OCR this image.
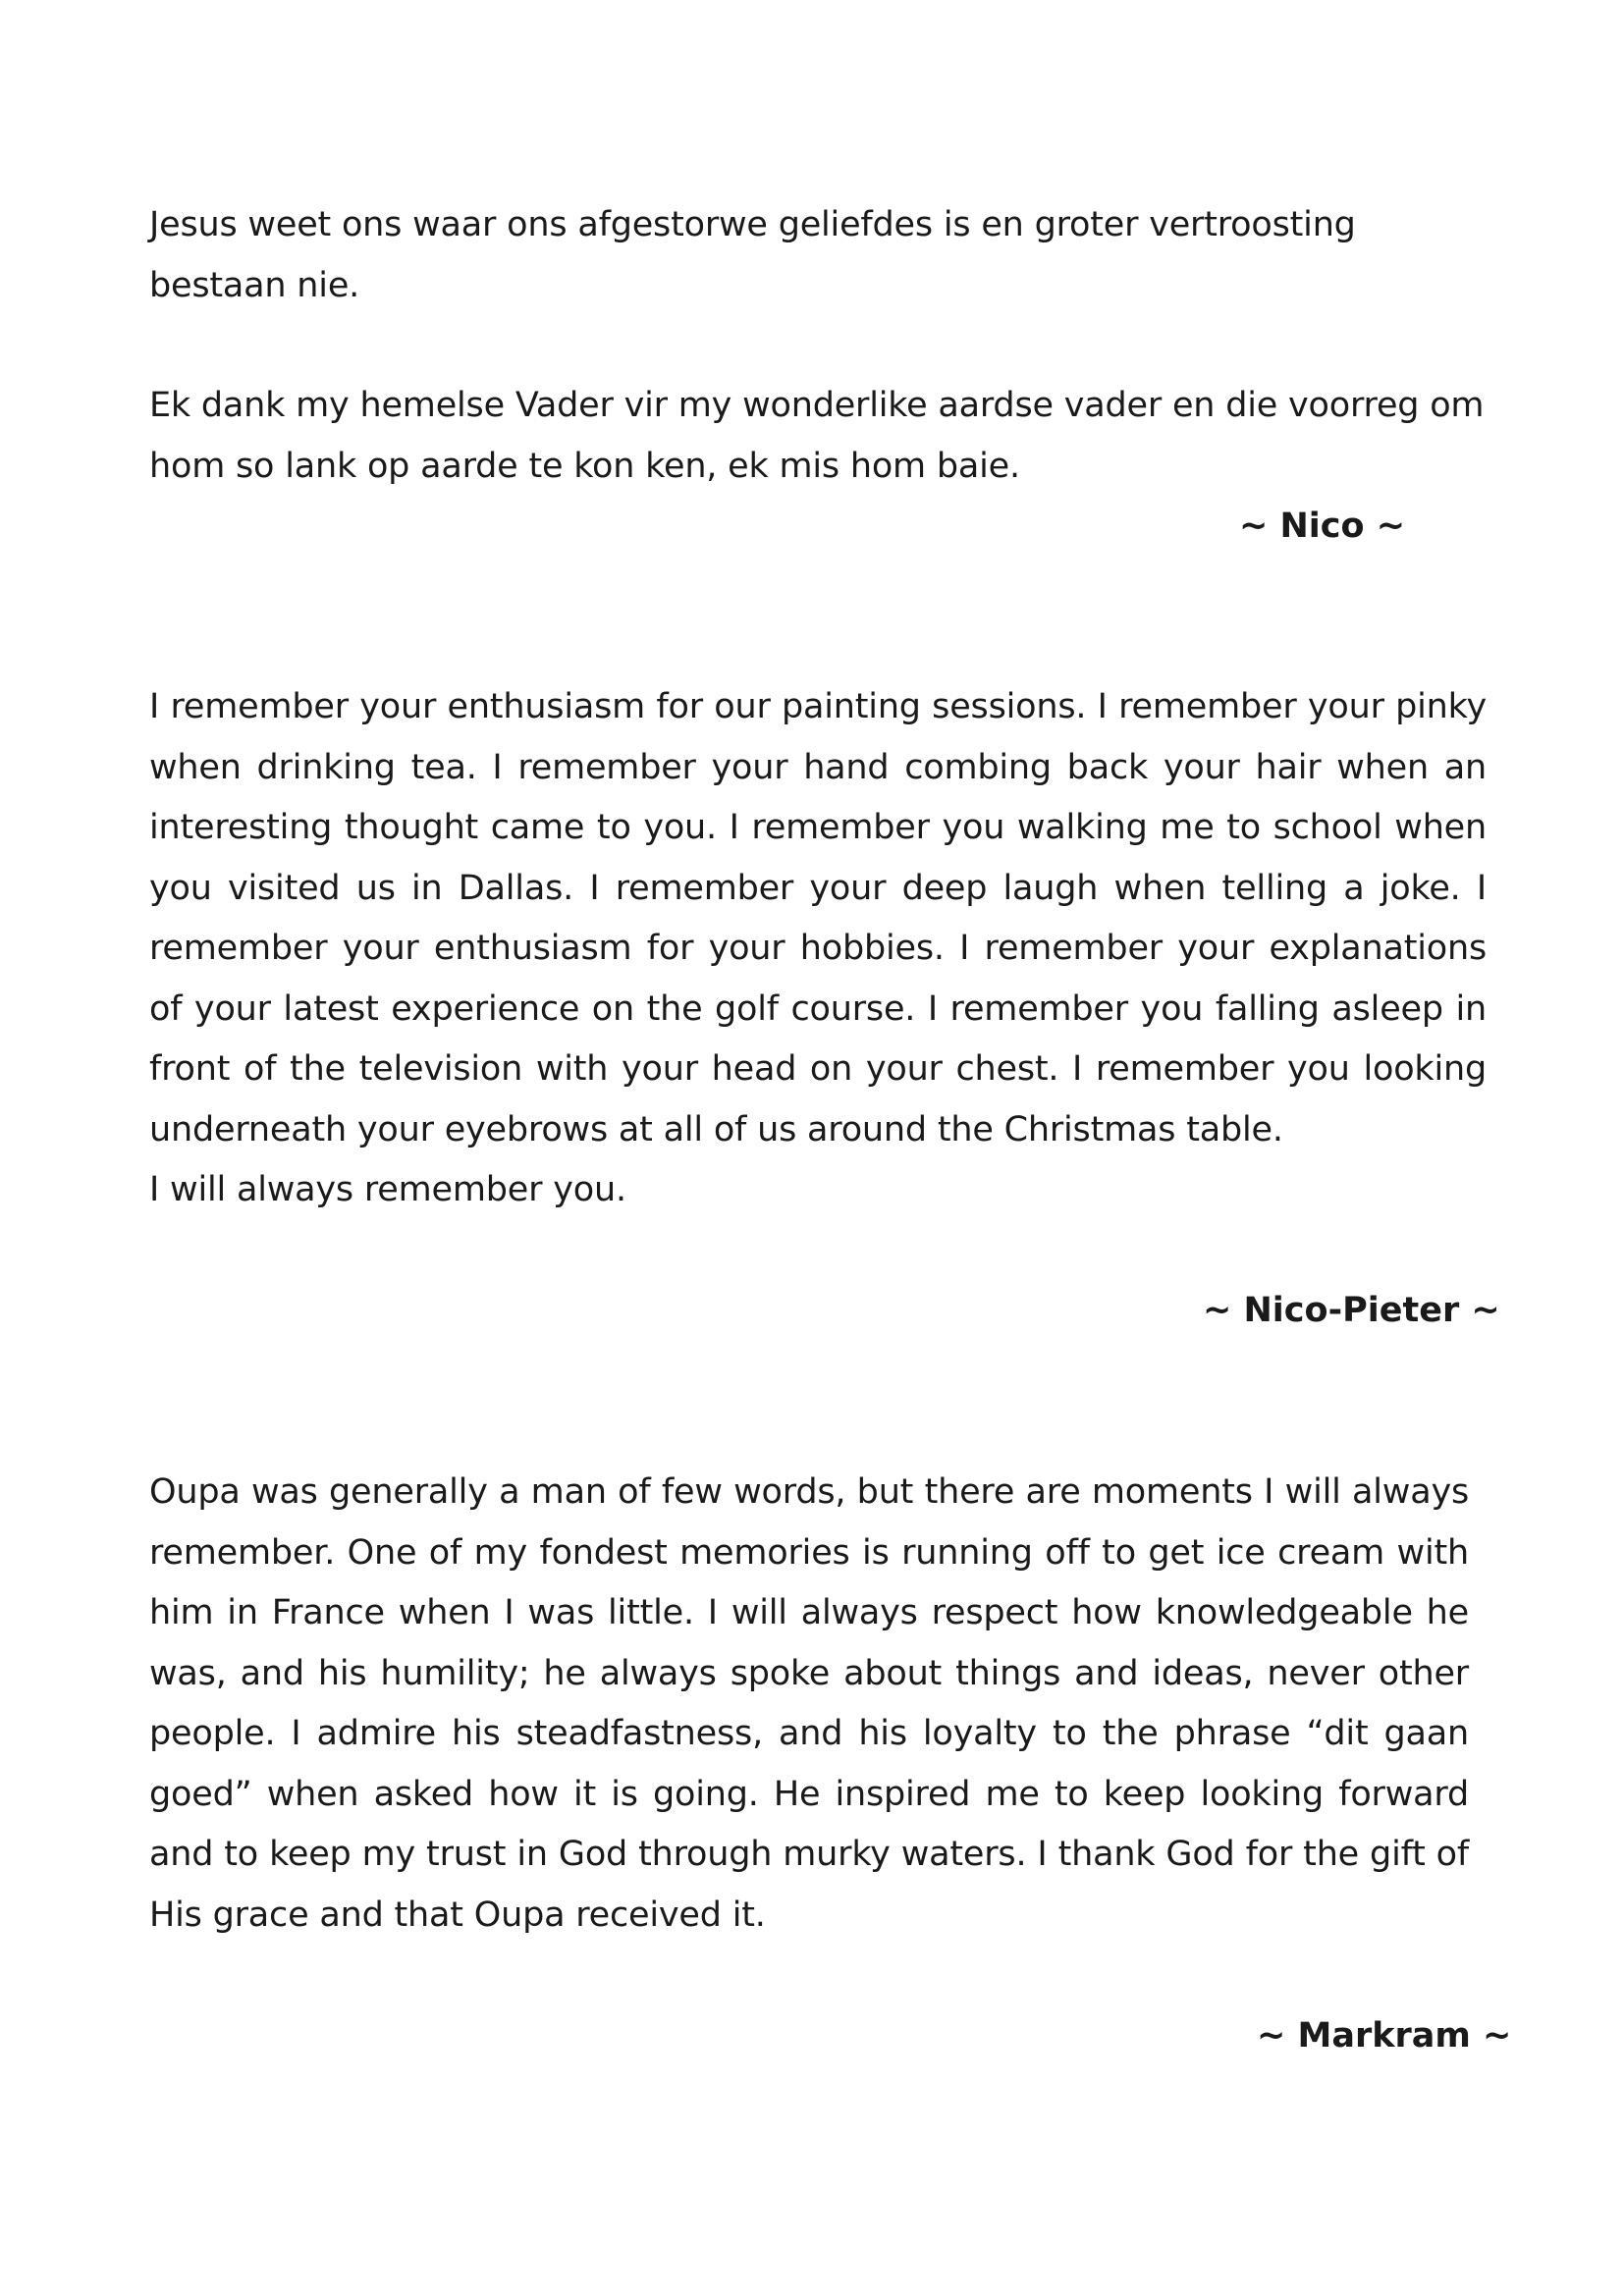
Jesus weet ons waar ons afgestorwe geliefdes is en groter vertroosting bestaan nie.

Ek dank my hemelse Vader vir my wonderlike aardse vader en die voorreg om hom so lank op aarde te kon ken, ek mis hom baie.

~ Nico ~

I remember your enthusiasm for our painting sessions. I remember your pinky when drinking tea. I remember your hand combing back your hair when an interesting thought came to you. I remember you walking me to school when you visited us in Dallas. I remember your deep laugh when telling a joke. I remember your enthusiasm for your hobbies. I remember your explanations of your latest experience on the golf course. I remember you falling asleep in front of the television with your head on your chest. I remember you looking underneath your eyebrows at all of us around the Christmas table.

I will always remember you.

~ Nico-Pieter ~

Oupa was generally a man of few words, but there are moments I will always remember. One of my fondest memories is running off to get ice cream with him in France when I was little. I will always respect how knowledgeable he was, and his humility; he always spoke about things and ideas, never other people. I admire his steadfastness, and his loyalty to the phrase “dit gaan goed” when asked how it is going. He inspired me to keep looking forward and to keep my trust in God through murky waters. I thank God for the gift of His grace and that Oupa received it.

~ Markram ~
